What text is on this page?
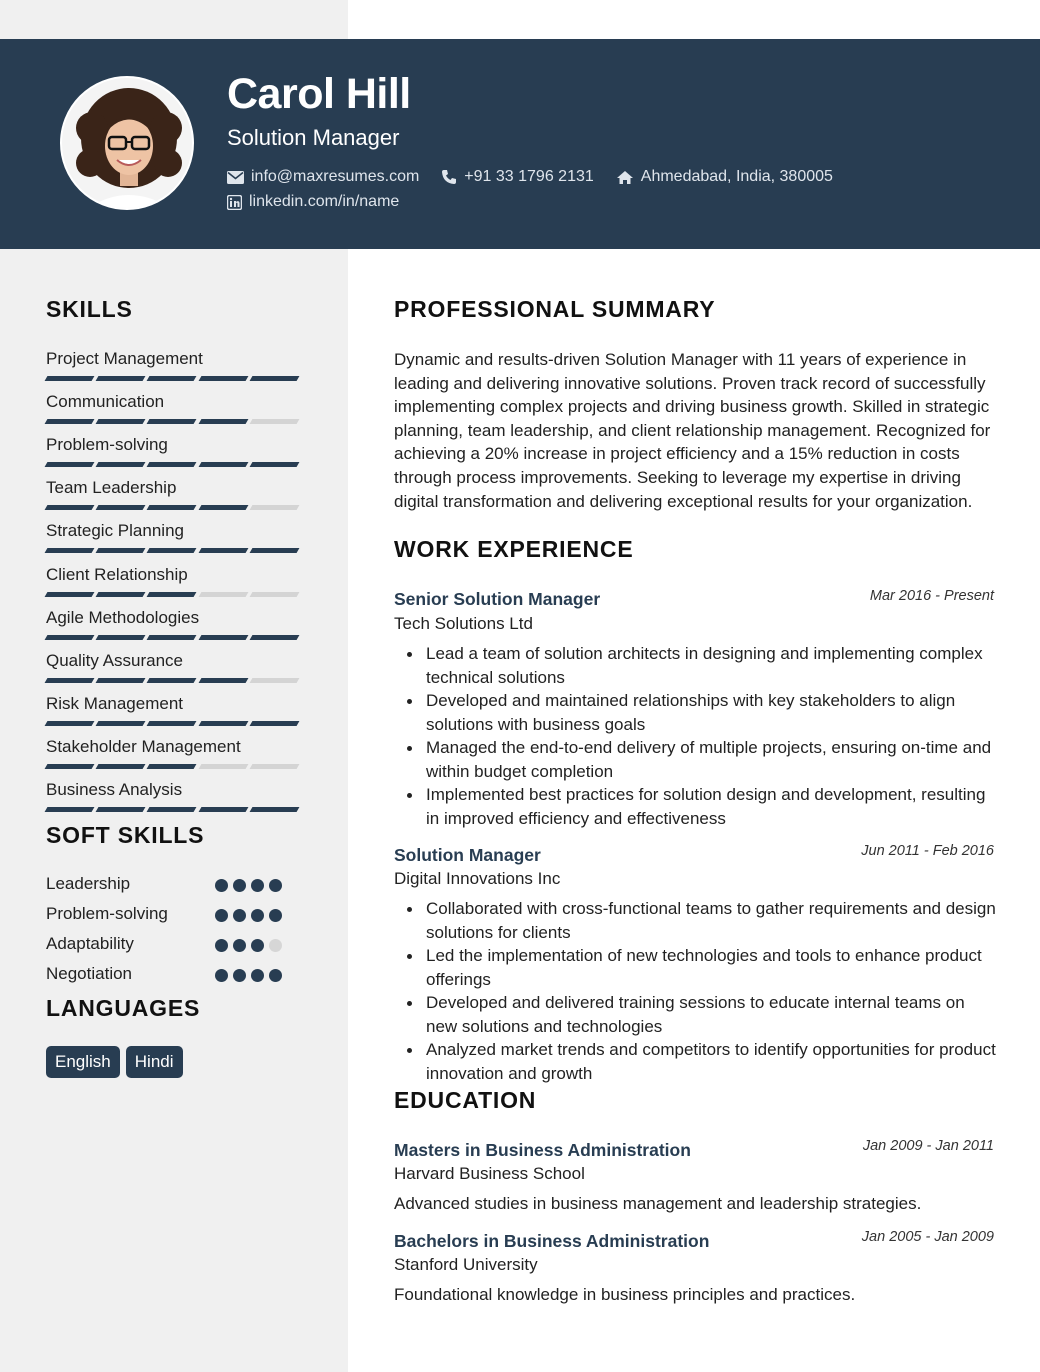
Carol Hill
Solution Manager
info@maxresumes.com	+91 33 1796 2131	Ahmedabad, India, 380005
linkedin.com/in/name
SKILLS
Project Management
Communication
Problem-solving
Team Leadership
Strategic Planning
Client Relationship
Agile Methodologies
Quality Assurance
Risk Management
Stakeholder Management
Business Analysis
SOFT SKILLS
Leadership
Problem-solving
Adaptability
Negotiation
LANGUAGES
English	Hindi
PROFESSIONAL SUMMARY
Dynamic and results-driven Solution Manager with 11 years of experience in leading and delivering innovative solutions. Proven track record of successfully implementing complex projects and driving business growth. Skilled in strategic planning, team leadership, and client relationship management. Recognized for achieving a 20% increase in project efficiency and a 15% reduction in costs through process improvements. Seeking to leverage my expertise in driving digital transformation and delivering exceptional results for your organization.
WORK EXPERIENCE
Senior Solution Manager	Mar 2016 - Present
Tech Solutions Ltd
Lead a team of solution architects in designing and implementing complex technical solutions
Developed and maintained relationships with key stakeholders to align solutions with business goals
Managed the end-to-end delivery of multiple projects, ensuring on-time and within budget completion
Implemented best practices for solution design and development, resulting in improved efficiency and effectiveness
Solution Manager	Jun 2011 - Feb 2016
Digital Innovations Inc
Collaborated with cross-functional teams to gather requirements and design solutions for clients
Led the implementation of new technologies and tools to enhance product offerings
Developed and delivered training sessions to educate internal teams on new solutions and technologies
Analyzed market trends and competitors to identify opportunities for product innovation and growth
EDUCATION
Masters in Business Administration	Jan 2009 - Jan 2011
Harvard Business School
Advanced studies in business management and leadership strategies.
Bachelors in Business Administration	Jan 2005 - Jan 2009
Stanford University
Foundational knowledge in business principles and practices.
